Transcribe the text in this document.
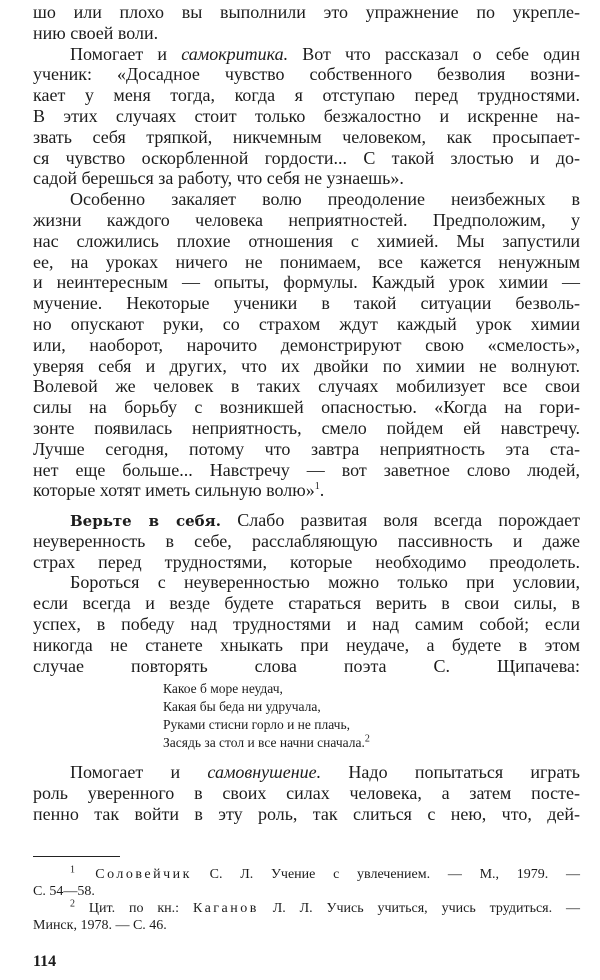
шо или плохо вы выполнили это упражнение по укрепле-
нию своей воли.
Помогает и самокритика. Вот что рассказал о себе один
ученик: «Досадное чувство собственного безволия возни-
кает у меня тогда, когда я отступаю перед трудностями.
В этих случаях стоит только безжалостно и искренне на-
звать себя тряпкой, никчемным человеком, как просыпает-
ся чувство оскорбленной гордости... С такой злостью и до-
садой берешься за работу, что себя не узнаешь».
Особенно закаляет волю преодоление неизбежных в
жизни каждого человека неприятностей. Предположим, у
нас сложились плохие отношения с химией. Мы запустили
ее, на уроках ничего не понимаем, все кажется ненужным
и неинтересным — опыты, формулы. Каждый урок химии —
мучение. Некоторые ученики в такой ситуации безволь-
но опускают руки, со страхом ждут каждый урок химии
или, наоборот, нарочито демонстрируют свою «смелость»,
уверяя себя и других, что их двойки по химии не волнуют.
Волевой же человек в таких случаях мобилизует все свои
силы на борьбу с возникшей опасностью. «Когда на гори-
зонте появилась неприятность, смело пойдем ей навстречу.
Лучше сегодня, потому что завтра неприятность эта ста-
нет еще больше... Навстречу — вот заветное слово людей,
которые хотят иметь сильную волю»$^1$.
Верьте в себя. Слабо развитая воля всегда порождает
неуверенность в себе, расслабляющую пассивность и даже
страх перед трудностями, которые необходимо преодолеть.
Бороться с неуверенностью можно только при условии,
если всегда и везде будете стараться верить в свои силы, в
успех, в победу над трудностями и над самим собой; если
никогда не станете хныкать при неудаче, а будете в этом
случае повторять слова поэта С. Щипачева:
Какое б море неудач,
Какая бы беда ни удручала,
Руками стисни горло и не плачь,
Засядь за стол и все начни сначала.$^2$
Помогает и самовнушение. Надо попытаться играть
роль уверенного в своих силах человека, а затем посте-
пенно так войти в эту роль, так слиться с нею, что, дей-
$^1$ Соловейчик С. Л. Учение с увлечением. — М., 1979. —
С. 54—58.
$^2$ Цит. по кн.: Каганов Л. Л. Учись учиться, учись трудиться. —
Минск, 1978. — С. 46.
114
